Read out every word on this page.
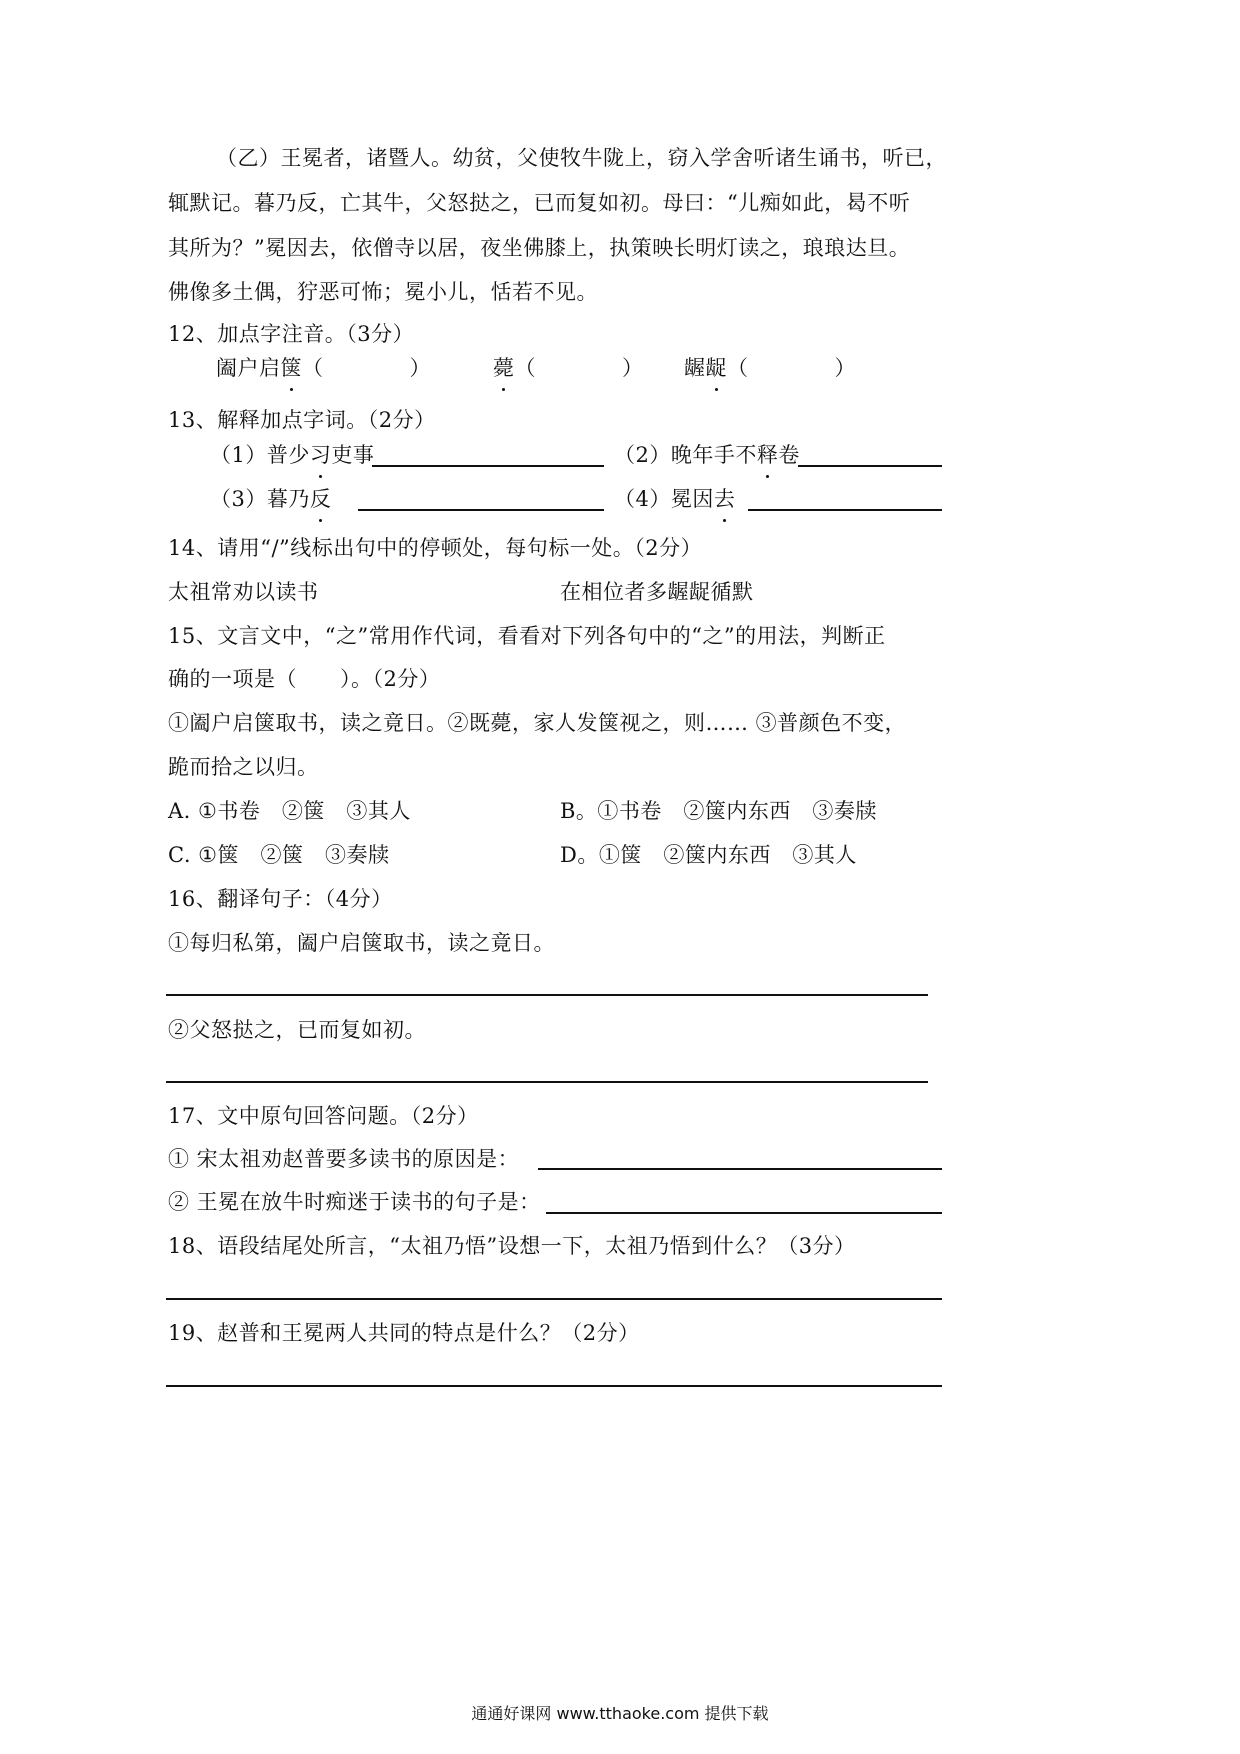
（乙）王冕者，诸暨人。幼贫，父使牧牛陇上，窃入学舍听诸生诵书，听已，
辄默记。暮乃反，亡其牛，父怒挞之，已而复如初。母曰：“儿痴如此，曷不听
其所为？”冕因去，依僧寺以居，夜坐佛膝上，执策映长明灯读之，琅琅达旦。
佛像多土偶，狞恶可怖；冕小儿，恬若不见。
12、加点字注音。（3分）
阖户启箧（　　　　）	薨（　　　　） 龌龊（　　　　）
13、解释加点字词。（2分）
（1）普少习吏事	（2）晚年手不释卷
（3）暮乃反	（4）冕因去
14、请用“/”线标出句中的停顿处，每句标一处。（2分）
太祖常劝以读书	在相位者多龌龊循默
15、文言文中，“之”常用作代词，看看对下列各句中的“之”的用法，判断正
确的一项是（　　）。（2分）
①阖户启箧取书，读之竟日。②既薨，家人发箧视之，则…… ③普颜色不变，
跪而拾之以归。
A. ①书卷　②箧　③其人	B。①书卷　②箧内东西　③奏牍
C. ①箧　②箧　③奏牍	D。①箧　②箧内东西　③其人
16、翻译句子：（4分）
①每归私第，阖户启箧取书，读之竟日。
②父怒挞之，已而复如初。
17、文中原句回答问题。（2分）
① 宋太祖劝赵普要多读书的原因是：
② 王冕在放牛时痴迷于读书的句子是：
18、语段结尾处所言，“太祖乃悟”设想一下，太祖乃悟到什么？（3分）
19、赵普和王冕两人共同的特点是什么？（2分）
通通好课网 www.tthaoke.com 提供下载
